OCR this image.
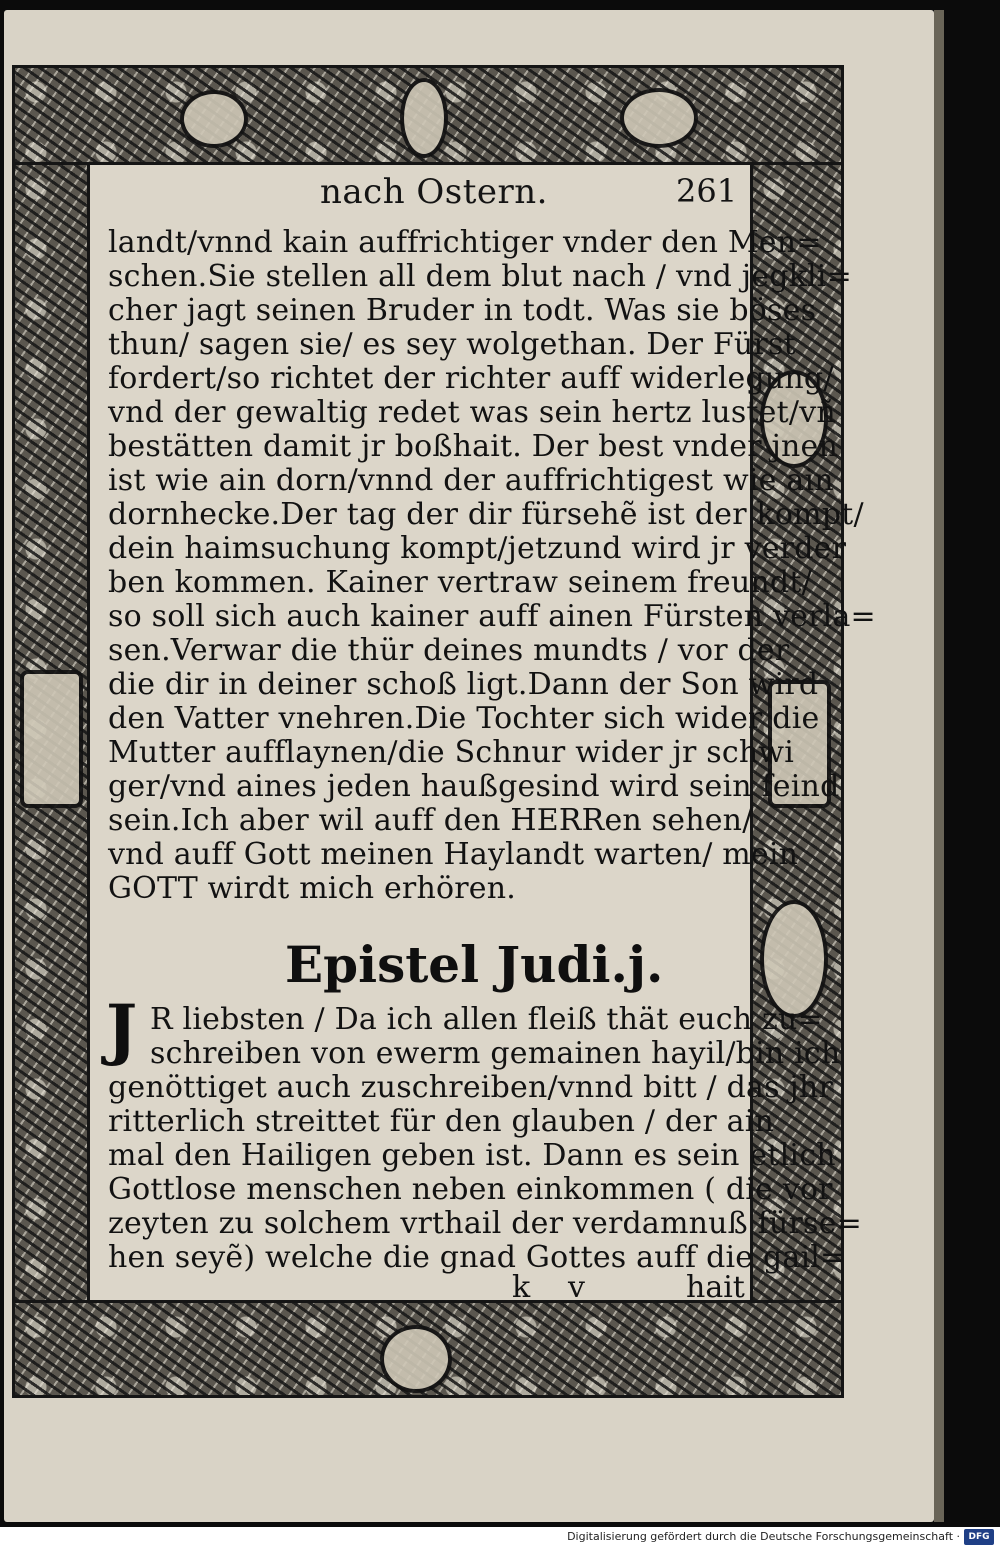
nach Ostern.	261
landt/vnnd kain auffrichtiger vnder den Men=
schen.Sie stellen all dem blut nach / vnd jegkli=
cher jagt seinen Bruder in todt. Was sie böses
thun/ sagen sie/ es sey wolgethan. Der Fürst
fordert/so richtet der richter auff widerlegung/
vnd der gewaltig redet was sein hertz lustet/vñ
bestätten damit jr boßhait. Der best vnder jnen
ist wie ain dorn/vnnd der auffrichtigest wie ain
dornhecke.Der tag der dir fürsehẽ ist der kompt/
dein haimsuchung kompt/jetzund wird jr verder
ben kommen. Kainer vertraw seinem freundt/
so soll sich auch kainer auff ainen Fürsten verla=
sen.Verwar die thür deines mundts / vor der
die dir in deiner schoß ligt.Dann der Son wird
den Vatter vnehren.Die Tochter sich wider die
Mutter aufflaynen/die Schnur wider jr schwi
ger/vnd aines jeden haußgesind wird sein feind
sein.Ich aber wil auff den HERRen sehen/
vnd auff Gott meinen Haylandt warten/ mein
GOTT wirdt mich erhören.
Epistel Judi.j.
J R liebsten / Da ich allen fleiß thät euch zu=
schreiben von ewerm gemainen hayil/bin ich
genöttiget auch zuschreiben/vnnd bitt / das jhr
ritterlich streittet für den glauben / der ain
mal den Hailigen geben ist. Dann es sein etlich
Gottlose menschen neben einkommen ( die vor
zeyten zu solchem vrthail der verdamnuß fürse=
hen seyẽ) welche die gnad Gottes auff die gail=
k v	hait
Digitalisierung gefördert durch die Deutsche Forschungsgemeinschaft · DFG
